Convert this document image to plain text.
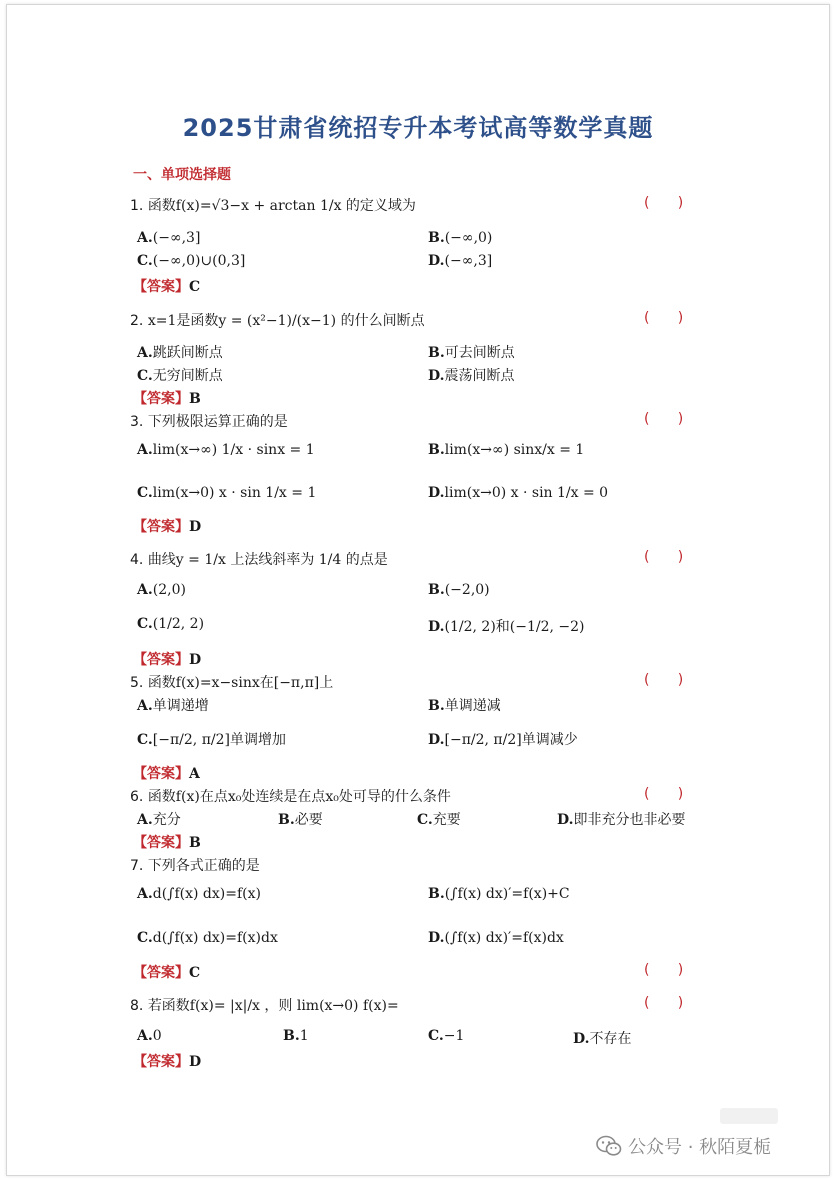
2025甘肃省统招专升本考试高等数学真题
一、单项选择题
1. 函数f(x)=√3−x + arctan 1/x 的定义域为	(     )
A.(−∞,3]	B.(−∞,0)
C.(−∞,0)∪(0,3]	D.(−∞,3]
【答案】C
2. x=1是函数y = (x²−1)/(x−1) 的什么间断点	(     )
A.跳跃间断点	B.可去间断点
C.无穷间断点	D.震荡间断点
【答案】B
3. 下列极限运算正确的是	(     )
A.lim(x→∞) 1/x · sinx = 1	B.lim(x→∞) sinx/x = 1
C.lim(x→0) x · sin 1/x = 1	D.lim(x→0) x · sin 1/x = 0
【答案】D
4. 曲线y = 1/x 上法线斜率为 1/4 的点是	(     )
A.(2,0)	B.(−2,0)
C.(1/2, 2)	D.(1/2, 2)和(−1/2, −2)
【答案】D
5. 函数f(x)=x−sinx在[−π,π]上	(     )
A.单调递增	B.单调递减
C.[−π/2, π/2]单调增加	D.[−π/2, π/2]单调减少
【答案】A
6. 函数f(x)在点x₀处连续是在点x₀处可导的什么条件	(     )
A.充分	B.必要	C.充要	D.即非充分也非必要
【答案】B
7. 下列各式正确的是
A.d(∫f(x) dx)=f(x)	B.(∫f(x) dx)′=f(x)+C
C.d(∫f(x) dx)=f(x)dx	D.(∫f(x) dx)′=f(x)dx
【答案】C	(     )
8. 若函数f(x)= |x|/x ，则 lim(x→0) f(x)=	(     )
A.0	B.1	C.−1	D.不存在
【答案】D
公众号 · 秋陌夏栀
